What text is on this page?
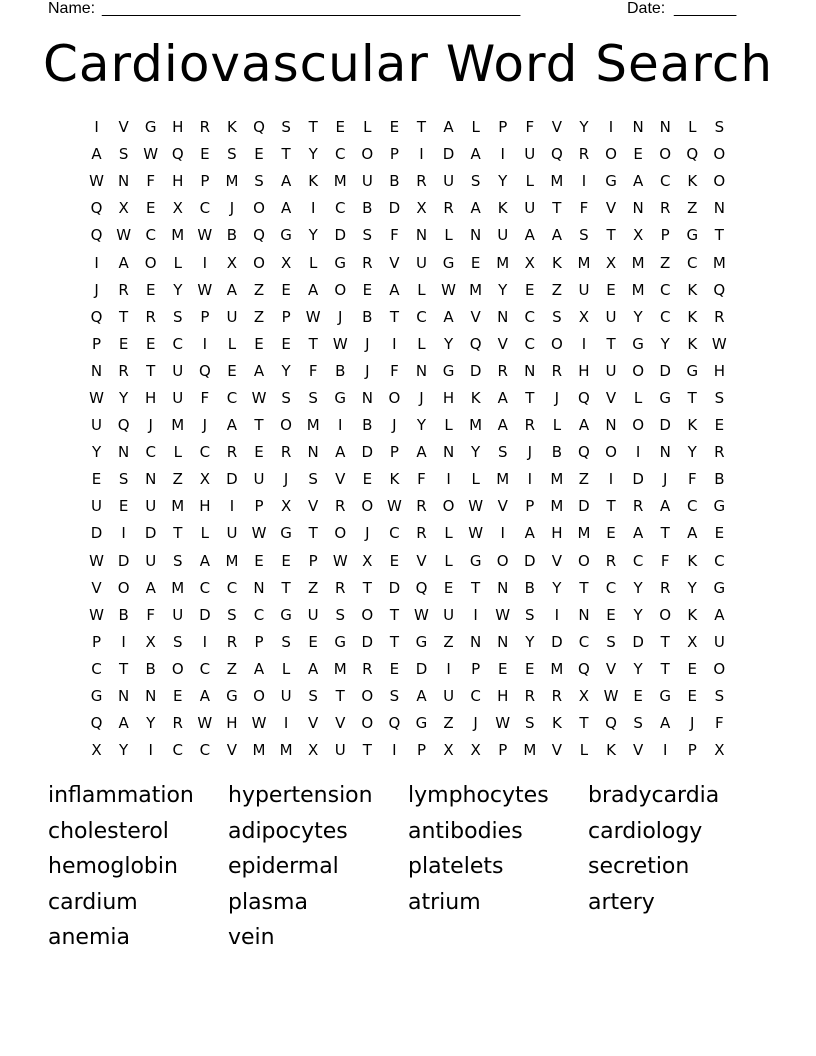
Name: _______________________________________________	Date: _______
Cardiovascular Word Search
I	V	G	H	R	K	Q	S	T	E	L	E	T	A	L	P	F	V	Y	I	N	N	L	S
A	S W Q	E	S	E	T	Y	C	O	P	I	D	A	I	U	Q	R	O	E	O	Q	O
W N	F	H	P	M	S	A	K	M	U	B	R	U	S	Y	L	M	I	G	A	C	K	O
Q	X	E	X	C	J	O	A	I	C	B	D	X	R	A	K	U	T	F	V	N	R	Z	N
Q W C	M W B	Q	G	Y	D	S	F	N	L	N	U	A	A	S	T	X	P	G	T
I	A	O	L	I	X	O	X	L	G	R	V	U	G	E	M	X	K	M	X	M	Z	C	M
J	R	E	Y	W A	Z	E	A	O	E	A	L	W M	Y	E	Z	U	E	M	C	K	Q
Q	T	R	S	P	U	Z	P	W	J	B	T	C	A	V	N	C	S	X	U	Y	C	K	R
P	E	E	C	I	L	E	E	T	W	J	I	L	Y	Q	V	C	O	I	T	G	Y	K W
N	R	T	U	Q	E	A	Y	F	B	J	F	N	G	D	R	N	R	H	U	O	D	G	H
W	Y	H	U	F	C W S	S	G	N	O	J	H	K	A	T	J	Q	V	L	G	T	S
U	Q	J	M	J	A	T	O M	I	B	J	Y	L	M	A	R	L	A	N	O	D	K	E
Y	N	C	L	C	R	E	R	N	A	D	P	A	N	Y	S	J	B	Q	O	I	N	Y	R
E	S	N	Z	X	D	U	J	S	V	E	K	F	I	L	M	I	M	Z	I	D	J	F	B
U	E	U	M H	I	P	X	V	R	O W R	O W V	P	M D	T	R	A	C	G
D	I	D	T	L	U W G	T	O	J	C	R	L	W	I	A	H M	E	A	T	A	E
W D	U	S	A	M	E	E	P	W X	E	V	L	G	O	D	V	O	R	C	F	K	C
V	O	A	M	C	C	N	T	Z	R	T	D	Q	E	T	N	B	Y	T	C	Y	R	Y	G
W B	F	U	D	S	C	G	U	S	O	T	W U	I	W S	I	N	E	Y	O	K	A
P	I	X	S	I	R	P	S	E	G	D	T	G	Z	N	N	Y	D	C	S	D	T	X	U
C	T	B	O	C	Z	A	L	A	M	R	E	D	I	P	E	E	M Q	V	Y	T	E	O
G	N	N	E	A	G	O	U	S	T	O	S	A	U	C	H	R	R	X W E	G	E	S
Q	A	Y	R W H W	I	V	V	O	Q	G	Z	J	W S	K	T	Q	S	A	J	F
X	Y	I	C	C	V	M M	X	U	T	I	P	X	X	P	M	V	L	K	V	I	P	X
inflammation	hypertension	lymphocytes	bradycardia
cholesterol	adipocytes	antibodies	cardiology
hemoglobin	epidermal	platelets	secretion
cardium	plasma	atrium	artery
anemia	vein
